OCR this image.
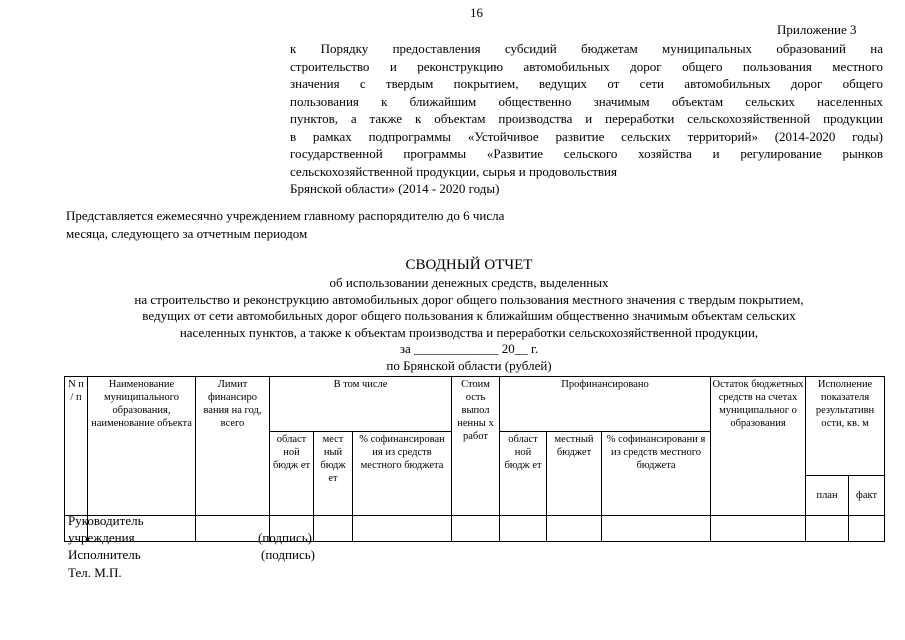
16
Приложение 3
к Порядку предоставления субсидий бюджетам муниципальных образований на
строительство и реконструкцию автомобильных дорог общего пользования местного
значения с твердым покрытием, ведущих от сети автомобильных дорог общего
пользования к ближайшим общественно значимым объектам сельских населенных
пунктов, а также к объектам производства и переработки сельскохозяйственной продукции
в рамках подпрограммы «Устойчивое развитие сельских территорий» (2014-2020 годы)
государственной программы «Развитие сельского хозяйства и регулирование рынков
сельскохозяйственной продукции, сырья и продовольствия
Брянской области» (2014 - 2020 годы)
Представляется ежемесячно учреждением главному распорядителю до 6 числа
месяца, следующего за отчетным периодом
СВОДНЫЙ ОТЧЕТ
об использовании денежных средств, выделенных
на строительство и реконструкцию автомобильных дорог общего пользования местного значения с твердым покрытием,
ведущих от сети автомобильных дорог общего пользования к ближайшим общественно значимым объектам сельских
населенных пунктов, а также к объектам производства и переработки сельскохозяйственной продукции,
за _____________ 20__ г.
по Брянской области (рублей)
N п / п	Наименование муниципального образования, наименование объекта	Лимит финансиро вания на год, всего	В том числе			Стоим ость выпол ненны х работ	Профинансировано			Остаток бюджетных средств на счетах муниципальног о образования	Исполнение показателя результативн ости, кв. м	
			област ной бюдж ет	мест ный бюдж ет	% софинансирован ия из средств местного бюджета		област ной бюдж ет	местный бюджет	% софинансировани я из средств местного бюджета			
											план	факт

Руководитель
учреждения	(подпись)
Исполнитель	(подпись)
Тел. М.П.
